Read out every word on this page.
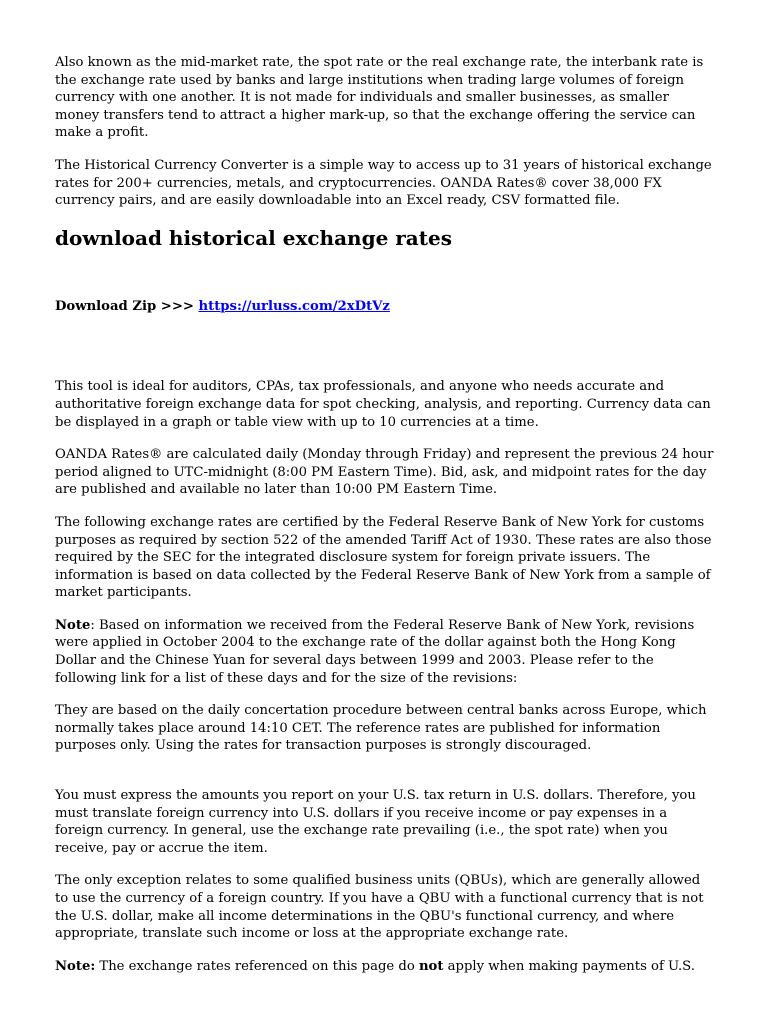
Also known as the mid-market rate, the spot rate or the real exchange rate, the interbank rate is the exchange rate used by banks and large institutions when trading large volumes of foreign currency with one another. It is not made for individuals and smaller businesses, as smaller money transfers tend to attract a higher mark-up, so that the exchange offering the service can make a profit.

The Historical Currency Converter is a simple way to access up to 31 years of historical exchange rates for 200+ currencies, metals, and cryptocurrencies. OANDA Rates® cover 38,000 FX currency pairs, and are easily downloadable into an Excel ready, CSV formatted file.

download historical exchange rates
Download Zip >>> https://urluss.com/2xDtVz

This tool is ideal for auditors, CPAs, tax professionals, and anyone who needs accurate and authoritative foreign exchange data for spot checking, analysis, and reporting. Currency data can be displayed in a graph or table view with up to 10 currencies at a time.

OANDA Rates® are calculated daily (Monday through Friday) and represent the previous 24 hour period aligned to UTC-midnight (8:00 PM Eastern Time). Bid, ask, and midpoint rates for the day are published and available no later than 10:00 PM Eastern Time.

The following exchange rates are certified by the Federal Reserve Bank of New York for customs purposes as required by section 522 of the amended Tariff Act of 1930. These rates are also those required by the SEC for the integrated disclosure system for foreign private issuers. The information is based on data collected by the Federal Reserve Bank of New York from a sample of market participants.

Note: Based on information we received from the Federal Reserve Bank of New York, revisions were applied in October 2004 to the exchange rate of the dollar against both the Hong Kong Dollar and the Chinese Yuan for several days between 1999 and 2003. Please refer to the following link for a list of these days and for the size of the revisions:

They are based on the daily concertation procedure between central banks across Europe, which normally takes place around 14:10 CET. The reference rates are published for information purposes only. Using the rates for transaction purposes is strongly discouraged.

You must express the amounts you report on your U.S. tax return in U.S. dollars. Therefore, you must translate foreign currency into U.S. dollars if you receive income or pay expenses in a foreign currency. In general, use the exchange rate prevailing (i.e., the spot rate) when you receive, pay or accrue the item.

The only exception relates to some qualified business units (QBUs), which are generally allowed to use the currency of a foreign country. If you have a QBU with a functional currency that is not the U.S. dollar, make all income determinations in the QBU's functional currency, and where appropriate, translate such income or loss at the appropriate exchange rate.

Note: The exchange rates referenced on this page do not apply when making payments of U.S.
